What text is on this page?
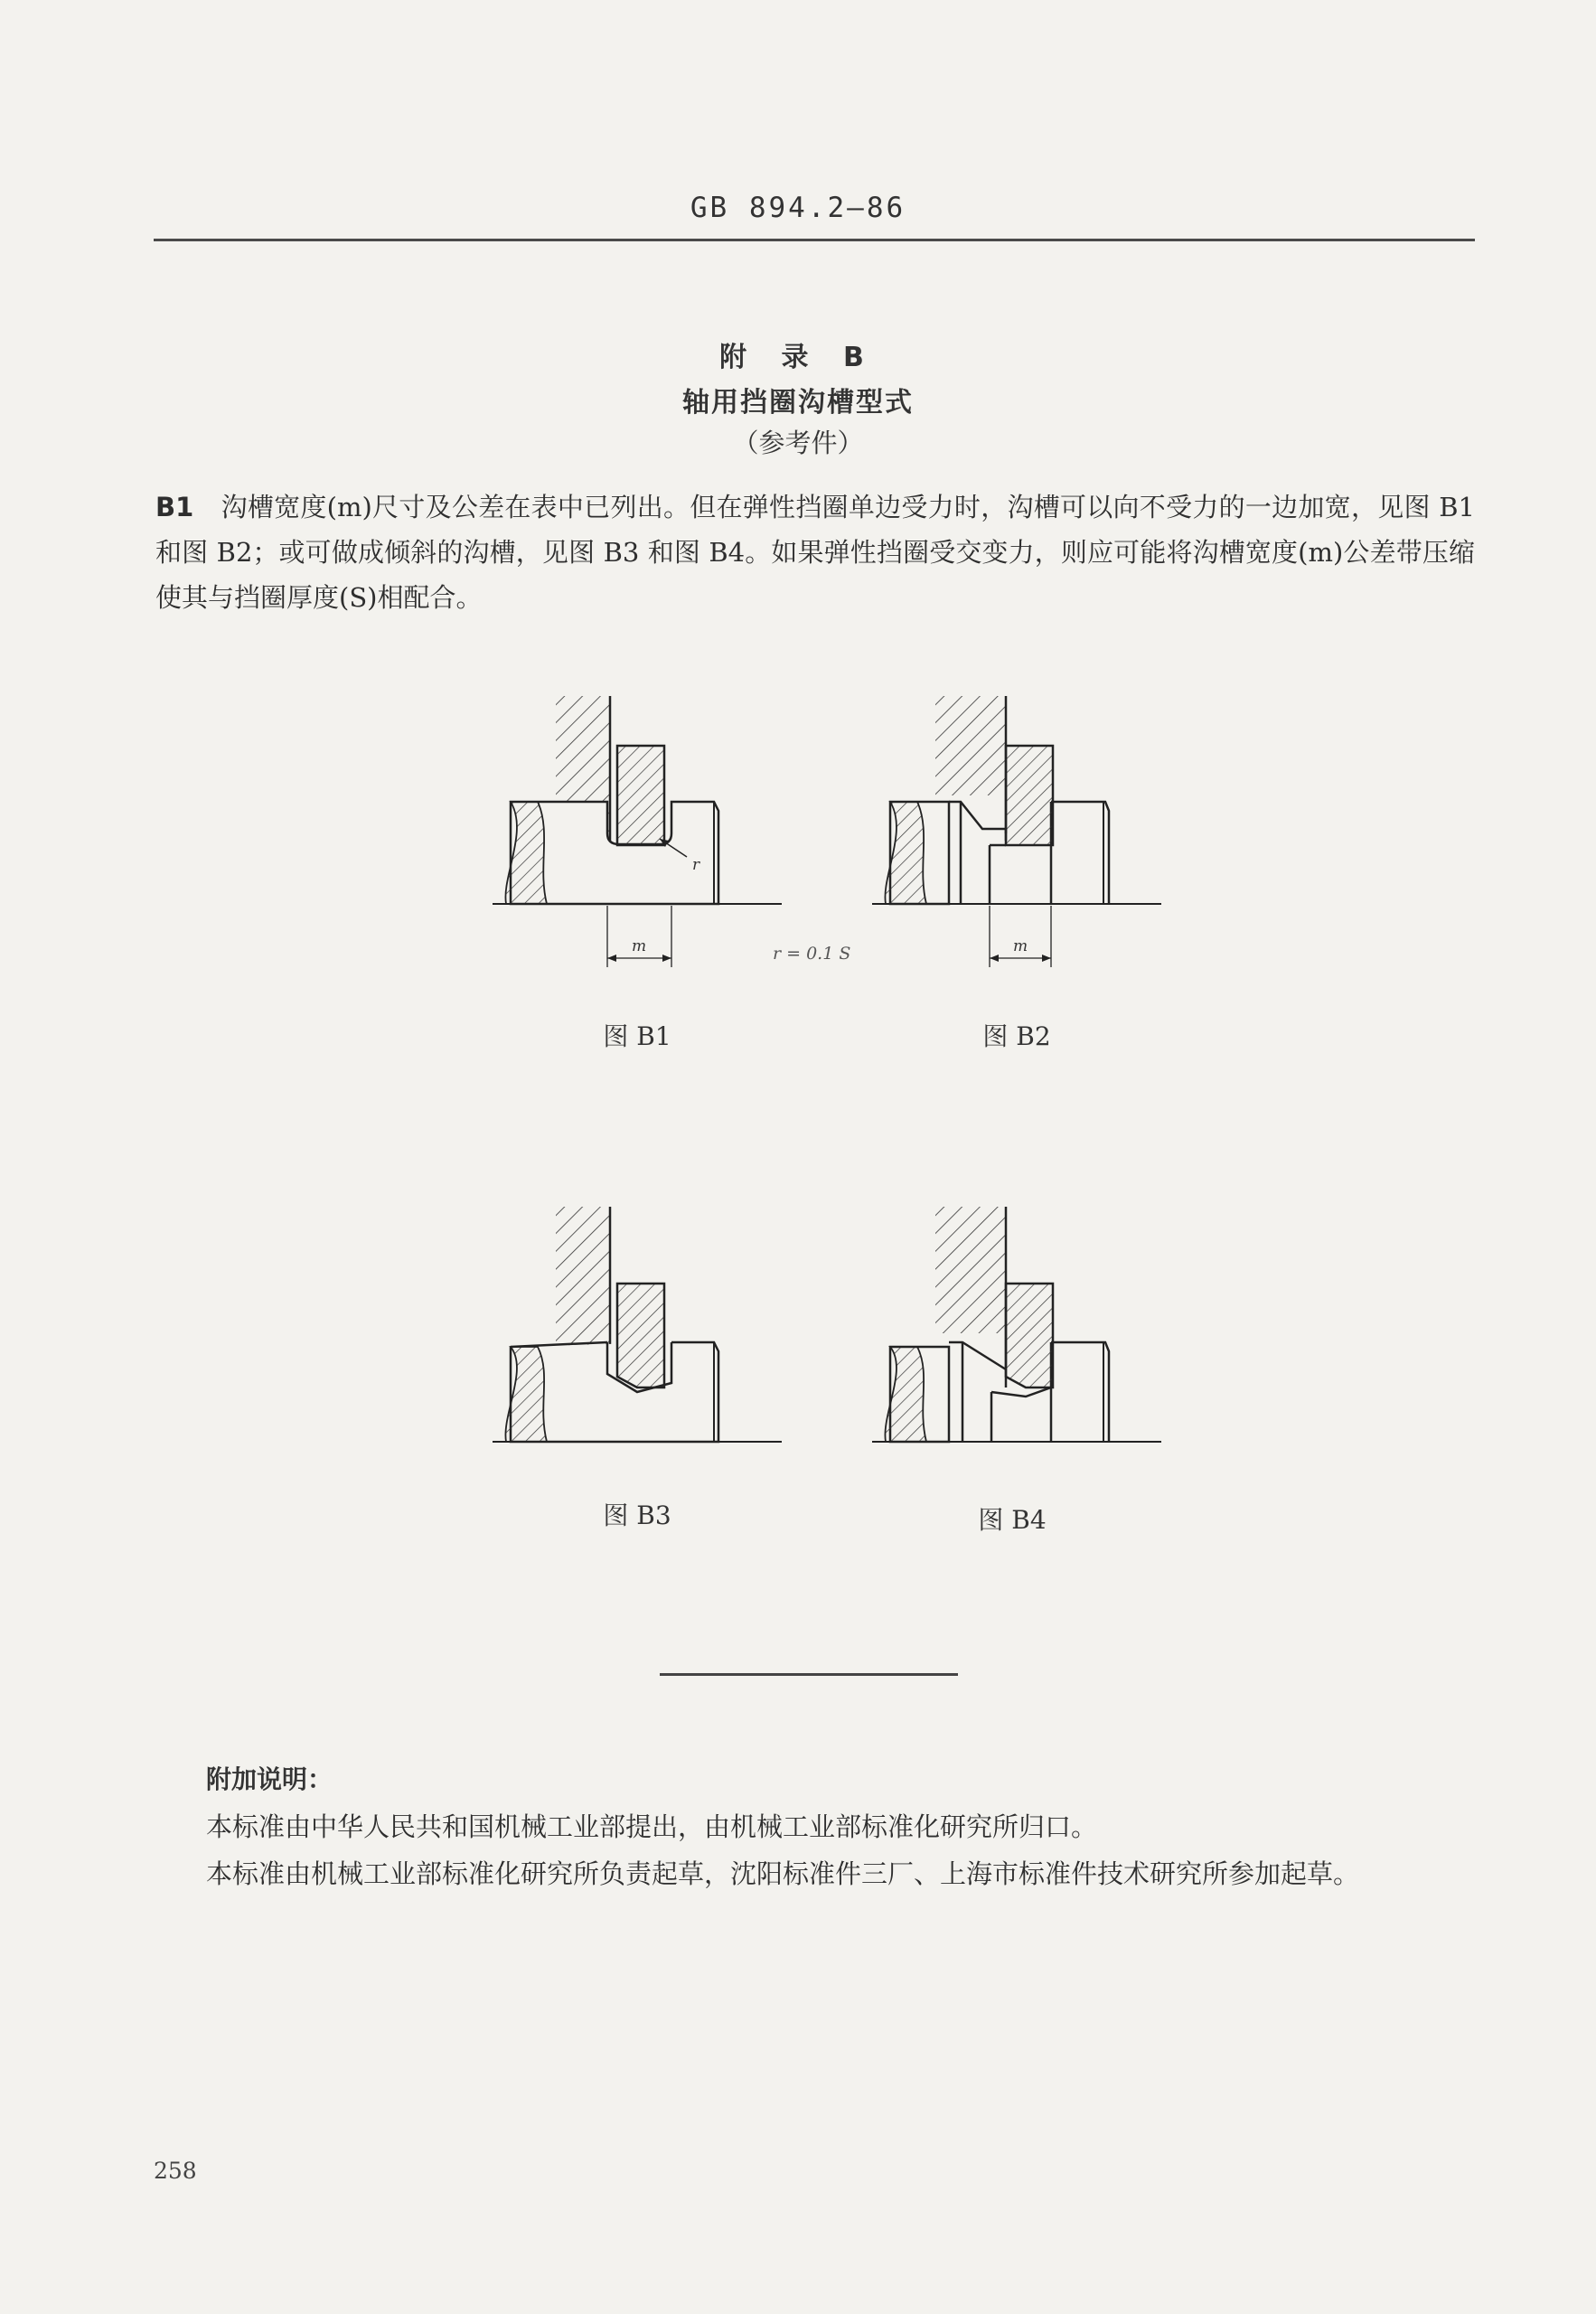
GB 894.2—86
附 录 B
轴用挡圈沟槽型式
（参考件）
B1 沟槽宽度(m)尺寸及公差在表中已列出。但在弹性挡圈单边受力时，沟槽可以向不受力的一边加宽，见图 B1 和图 B2；或可做成倾斜的沟槽，见图 B3 和图 B4。如果弹性挡圈受交变力，则应可能将沟槽宽度(m)公差带压缩使其与挡圈厚度(S)相配合。
r
m	r = 0.1 S	m
图 B1	图 B2
图 B3	图 B4
附加说明：
本标准由中华人民共和国机械工业部提出，由机械工业部标准化研究所归口。
本标准由机械工业部标准化研究所负责起草，沈阳标准件三厂、上海市标准件技术研究所参加起草。
258
